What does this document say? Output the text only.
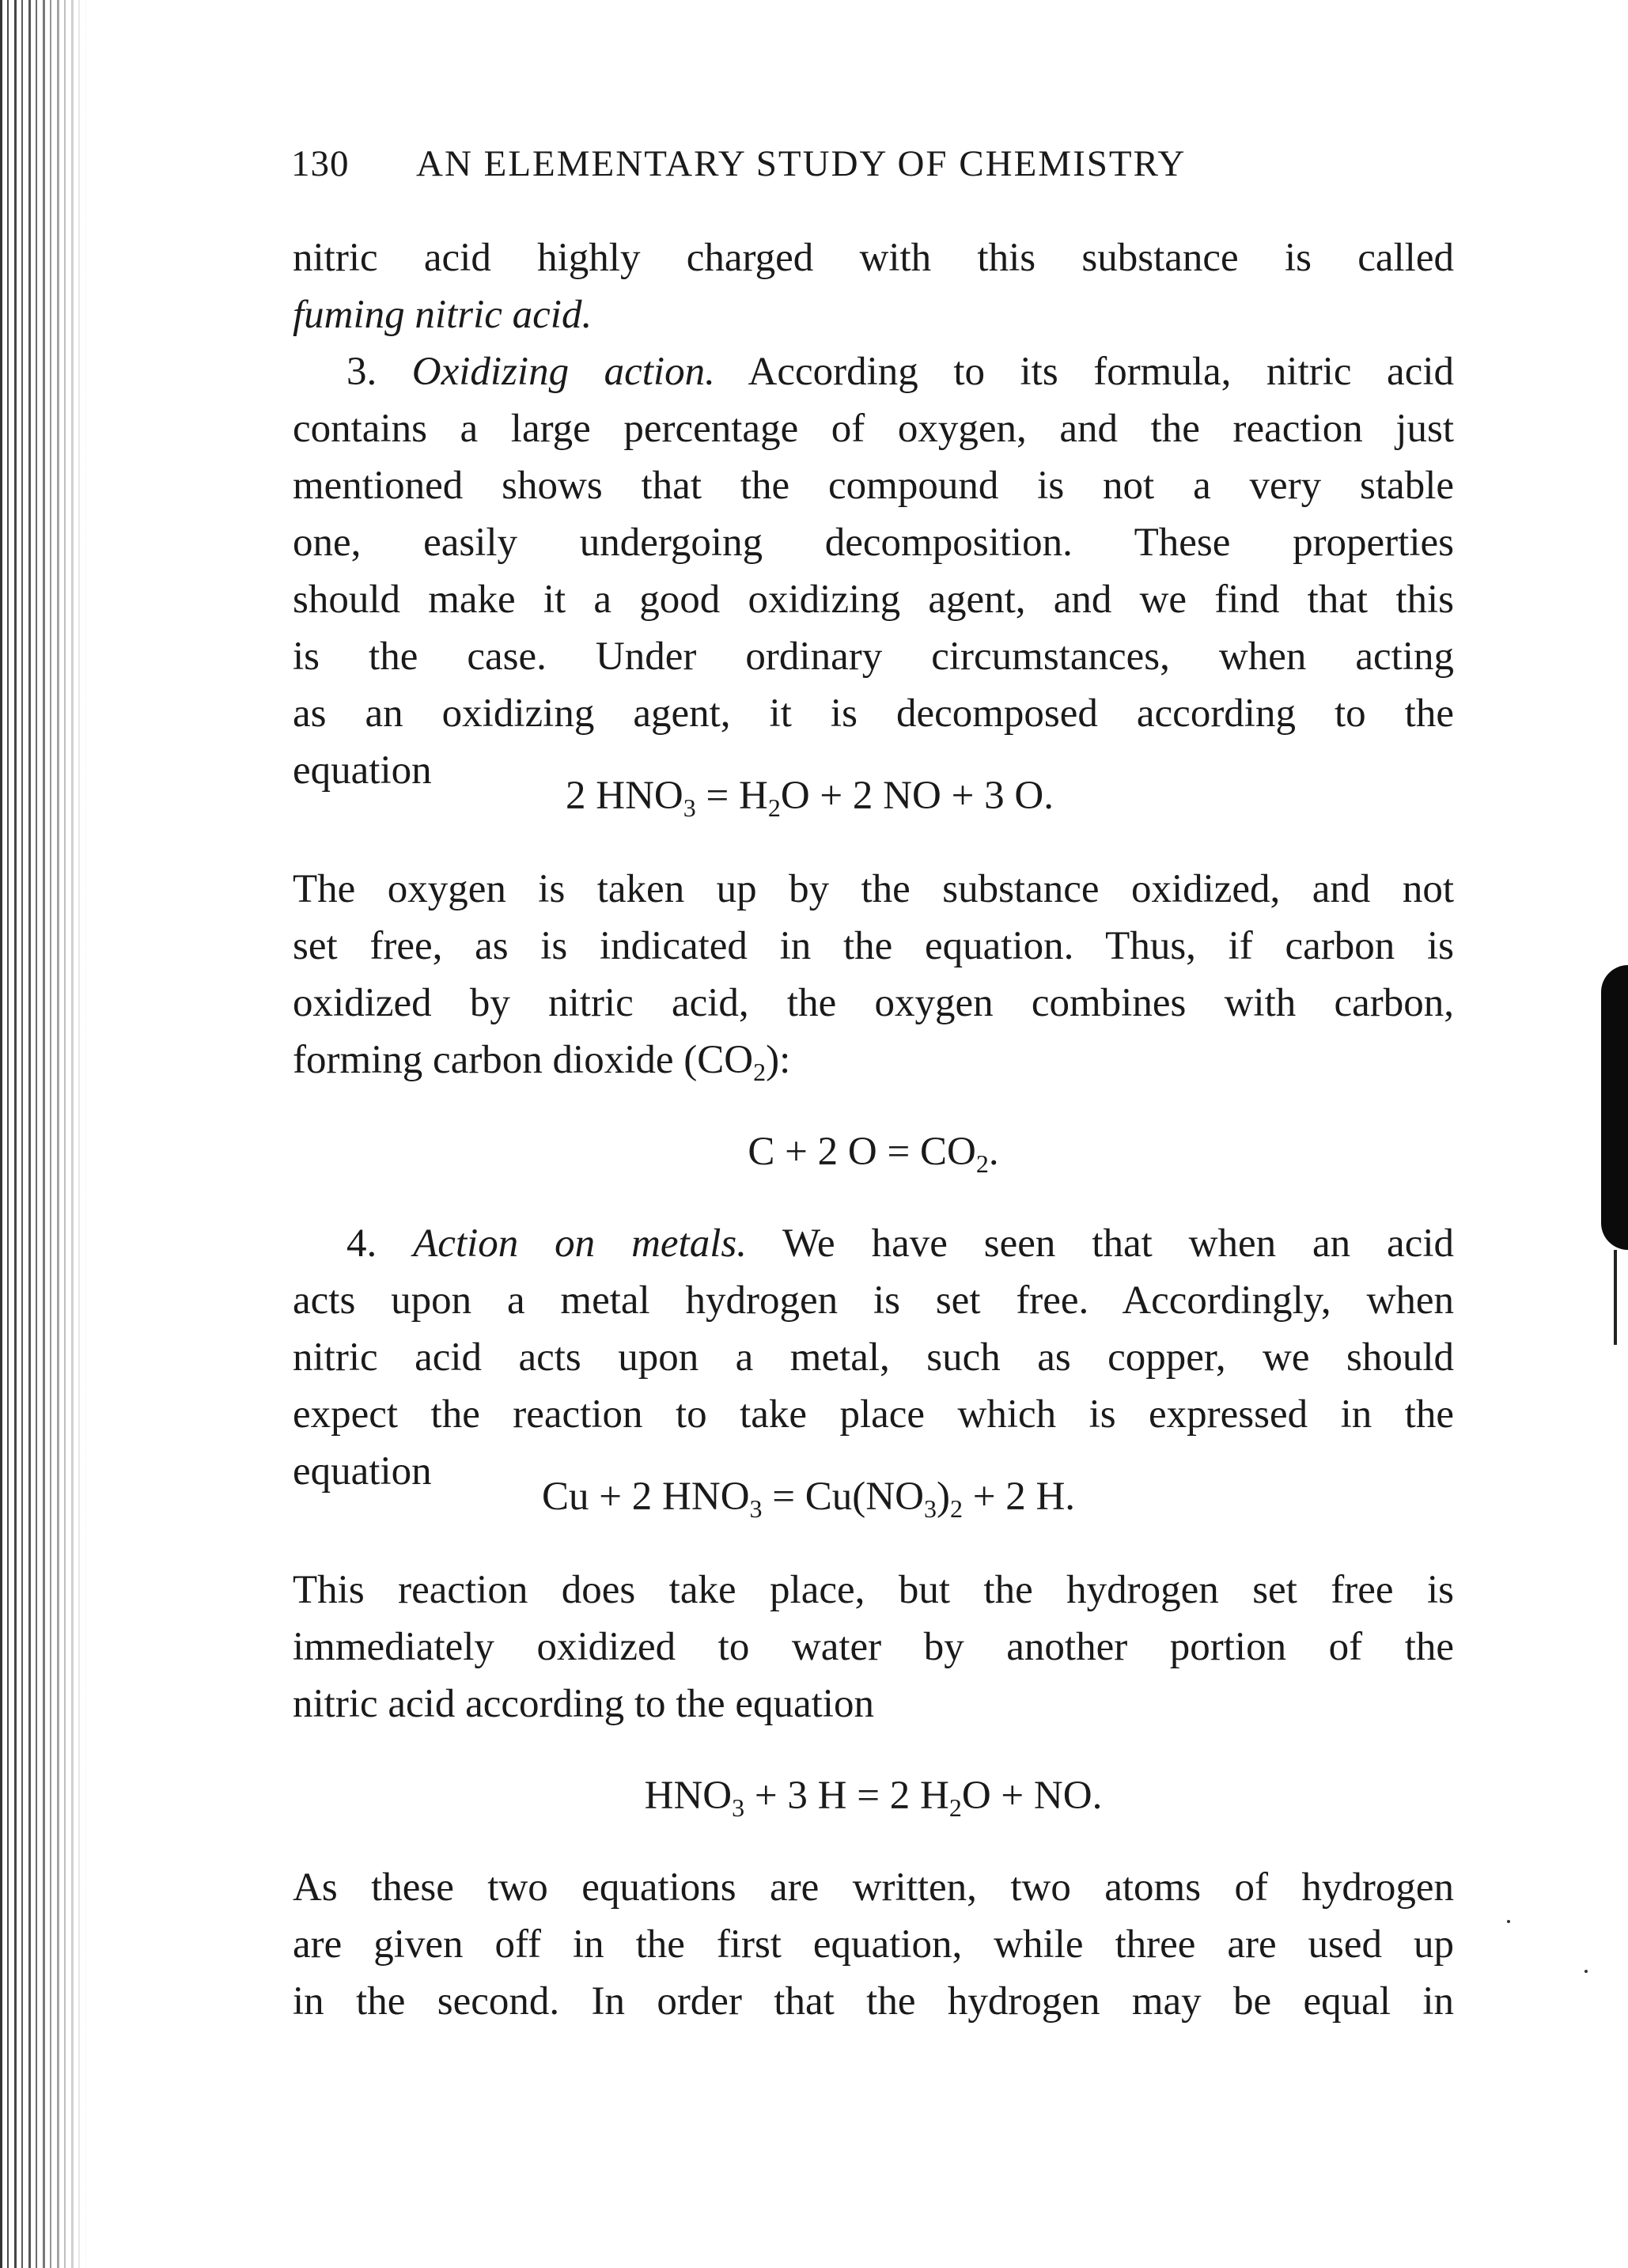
130 AN ELEMENTARY STUDY OF CHEMISTRY
nitric acid highly charged with this substance is called
fuming nitric acid.
3. Oxidizing action. According to its formula, nitric acid
contains a large percentage of oxygen, and the reaction just
mentioned shows that the compound is not a very stable
one, easily undergoing decomposition. These properties
should make it a good oxidizing agent, and we find that this
is the case. Under ordinary circumstances, when acting
as an oxidizing agent, it is decomposed according to the
equation
2 $HNO_3 = H_2O + 2$ NO + 3 O.
The oxygen is taken up by the substance oxidized, and not
set free, as is indicated in the equation. Thus, if carbon is
oxidized by nitric acid, the oxygen combines with carbon,
forming carbon dioxide $(CO_2)$:
C + 2 $O = CO_2$.
4. Action on metals. We have seen that when an acid
acts upon a metal hydrogen is set free. Accordingly, when
nitric acid acts upon a metal, such as copper, we should
expect the reaction to take place which is expressed in the
equation
Cu + 2 $HNO_3 = Cu(NO_3)_2 + 2$ H.
This reaction does take place, but the hydrogen set free is
immediately oxidized to water by another portion of the
nitric acid according to the equation
$HNO_3 + 3$ H = 2 $H_2O$ + NO.
As these two equations are written, two atoms of hydrogen
are given off in the first equation, while three are used up
in the second. In order that the hydrogen may be equal in
